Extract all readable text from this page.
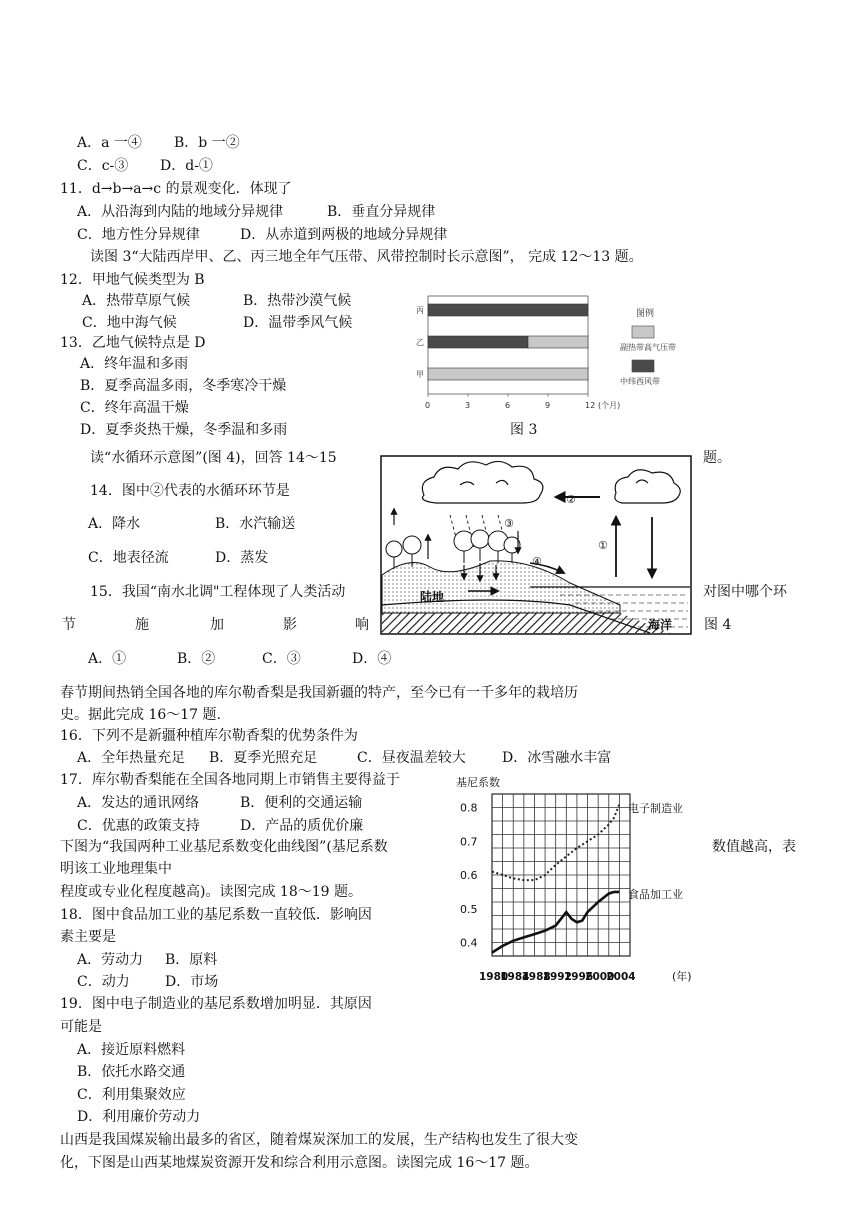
A．a 一④ B．b 一②
C．c-③ D．d-①
11．d→b→a→c 的景观变化．体现了
A．从沿海到内陆的地域分异规律	B．垂直分异规律
C．地方性分异规律	D．从赤道到两极的地域分异规律
读图 3“大陆西岸甲、乙、丙三地全年气压带、风带控制时长示意图”， 完成 12～13 题。
12．甲地气候类型为 B
A．热带草原气候	B．热带沙漠气候
C．地中海气候	D．温带季风气候
13．乙地气候特点是 D
A．终年温和多雨
B．夏季高温多雨，冬季寒冷干燥
C．终年高温干燥
D．夏季炎热干燥，冬季温和多雨
丙
乙
甲
0	3	6	9	12 (个月)
图例
副热带高气压带
中纬西风带
图 3
读“水循环示意图”(图 4)，回答 14～15	题。
14．图中②代表的水循环环节是
A．降水	B．水汽输送
C．地表径流	D．蒸发
15．我国“南水北调"工程体现了人类活动	对图中哪个环
节	施	加	影	响	图 4
A．①	B．②	C．③	D．④
②
③
④
①
陆地
海洋
春节期间热销全国各地的库尔勒香梨是我国新疆的特产，至今已有一千多年的栽培历
史。据此完成 16～17 题.
16．下列不是新疆种植库尔勒香梨的优势条件为
A．全年热量充足 B．夏季光照充足	C．昼夜温差较大	D．冰雪融水丰富
17．库尔勒香梨能在全国各地同期上市销售主要得益于
A．发达的通讯网络	B．便利的交通运输
C．优惠的政策支持	D．产品的质优价廉
下图为“我国两种工业基尼系数变化曲线图”(基尼系数	数值越高，表
明该工业地理集中
程度或专业化程度越高)。读图完成 18～19 题。
18．图中食品加工业的基尼系数一直较低．影响因
素主要是
A．劳动力 B．原料
C．动力	D．市场
19．图中电子制造业的基尼系数增加明显．其原因
可能是
A．接近原料燃料
B．依托水路交通
C．利用集聚效应
D．利用廉价劳动力
基尼系数
0.4
0.5
0.6
0.7
0.8
1980
1984
1988
1992
1996
2000
2004
电子制造业
食品加工业
(年)
山西是我国煤炭输出最多的省区，随着煤炭深加工的发展，生产结构也发生了很大变
化，下图是山西某地煤炭资源开发和综合利用示意图。读图完成 16～17 题。
